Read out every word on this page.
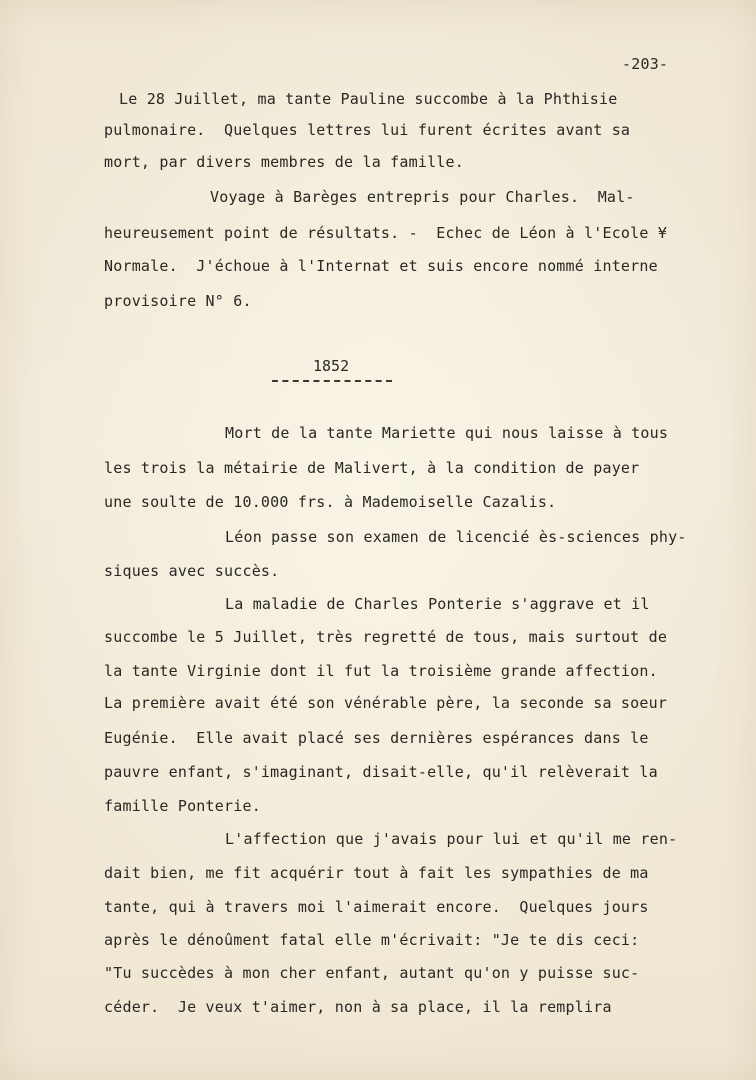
-203-
Le 28 Juillet, ma tante Pauline succombe à la Phthisie
pulmonaire.  Quelques lettres lui furent écrites avant sa
mort, par divers membres de la famille.
Voyage à Barèges entrepris pour Charles.  Mal-
heureusement point de résultats. -  Echec de Léon à l'Ecole ¥
Normale.  J'échoue à l'Internat et suis encore nommé interne
provisoire N° 6.
1852
Mort de la tante Mariette qui nous laisse à tous
les trois la métairie de Malivert, à la condition de payer
une soulte de 10.000 frs. à Mademoiselle Cazalis.
Léon passe son examen de licencié ès-sciences phy-
siques avec succès.
La maladie de Charles Ponterie s'aggrave et il
succombe le 5 Juillet, très regretté de tous, mais surtout de
la tante Virginie dont il fut la troisième grande affection.
La première avait été son vénérable père, la seconde sa soeur
Eugénie.  Elle avait placé ses dernières espérances dans le
pauvre enfant, s'imaginant, disait-elle, qu'il relèverait la
famille Ponterie.
L'affection que j'avais pour lui et qu'il me ren-
dait bien, me fit acquérir tout à fait les sympathies de ma
tante, qui à travers moi l'aimerait encore.  Quelques jours
après le dénoûment fatal elle m'écrivait: "Je te dis ceci:
"Tu succèdes à mon cher enfant, autant qu'on y puisse suc-
céder.  Je veux t'aimer, non à sa place, il la remplira
